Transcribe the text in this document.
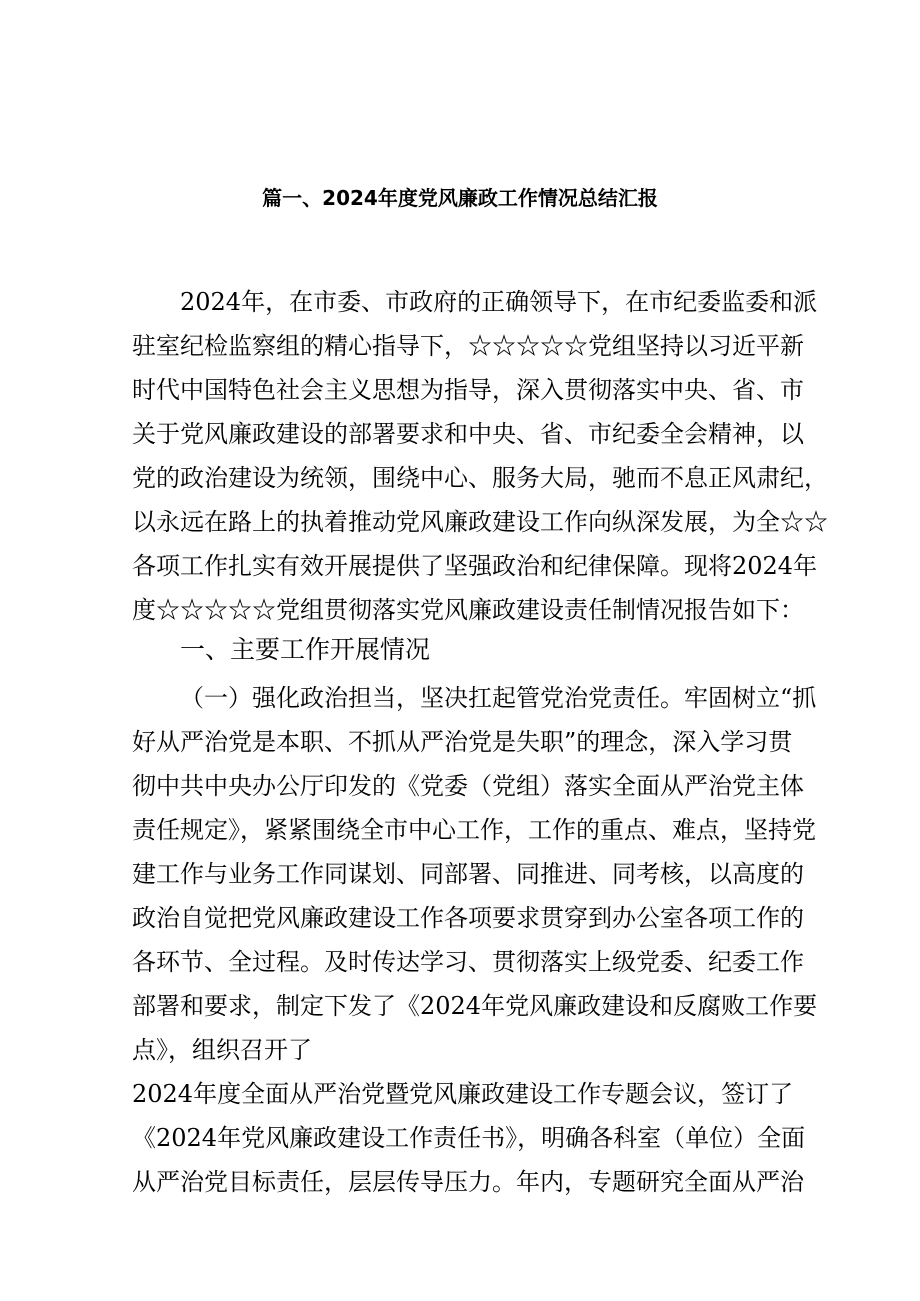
篇一、2024年度党风廉政工作情况总结汇报
2024年，在市委、市政府的正确领导下，在市纪委监委和派
驻室纪检监察组的精心指导下，☆☆☆☆☆党组坚持以习近平新
时代中国特色社会主义思想为指导，深入贯彻落实中央、省、市
关于党风廉政建设的部署要求和中央、省、市纪委全会精神，以
党的政治建设为统领，围绕中心、服务大局，驰而不息正风肃纪，
以永远在路上的执着推动党风廉政建设工作向纵深发展，为全☆☆
各项工作扎实有效开展提供了坚强政治和纪律保障。现将2024年
度☆☆☆☆☆党组贯彻落实党风廉政建设责任制情况报告如下：
一、主要工作开展情况
（一）强化政治担当，坚决扛起管党治党责任。牢固树立“抓
好从严治党是本职、不抓从严治党是失职”的理念，深入学习贯
彻中共中央办公厅印发的《党委（党组）落实全面从严治党主体
责任规定》，紧紧围绕全市中心工作，工作的重点、难点，坚持党
建工作与业务工作同谋划、同部署、同推进、同考核，以高度的
政治自觉把党风廉政建设工作各项要求贯穿到办公室各项工作的
各环节、全过程。及时传达学习、贯彻落实上级党委、纪委工作
部署和要求，制定下发了《2024年党风廉政建设和反腐败工作要
点》，组织召开了
2024年度全面从严治党暨党风廉政建设工作专题会议，签订了
《2024年党风廉政建设工作责任书》，明确各科室（单位）全面
从严治党目标责任，层层传导压力。年内，专题研究全面从严治
